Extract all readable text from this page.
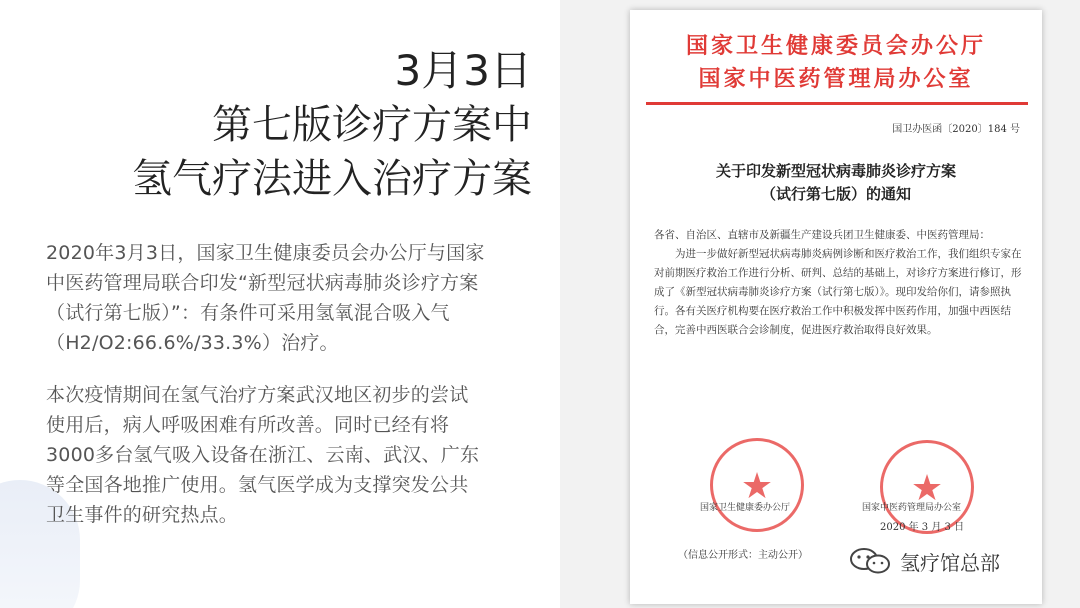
3月3日
第七版诊疗方案中
氢气疗法进入治疗方案
2020年3月3日，国家卫生健康委员会办公厅与国家
中医药管理局联合印发“新型冠状病毒肺炎诊疗方案
（试行第七版）”：有条件可采用氢氧混合吸入气
（H2/O2:66.6%/33.3%）治疗。
本次疫情期间在氢气治疗方案武汉地区初步的尝试
使用后，病人呼吸困难有所改善。同时已经有将
3000多台氢气吸入设备在浙江、云南、武汉、广东
等全国各地推广使用。氢气医学成为支撑突发公共
卫生事件的研究热点。
国家卫生健康委员会办公厅
国家中医药管理局办公室
国卫办医函〔2020〕184 号
关于印发新型冠状病毒肺炎诊疗方案
（试行第七版）的通知

各省、自治区、直辖市及新疆生产建设兵团卫生健康委、中医药管理局：

为进一步做好新型冠状病毒肺炎病例诊断和医疗救治工作，我们组织专家在对前期医疗救治工作进行分析、研判、总结的基础上，对诊疗方案进行修订，形成了《新型冠状病毒肺炎诊疗方案（试行第七版）》。现印发给你们，请参照执行。各有关医疗机构要在医疗救治工作中积极发挥中医药作用，加强中西医结合，完善中西医联合会诊制度，促进医疗救治取得良好效果。

★	★
国家卫生健康委办公厅	国家中医药管理局办公室
2020 年 3 月 3 日
（信息公开形式：主动公开）	氢疗馆总部
